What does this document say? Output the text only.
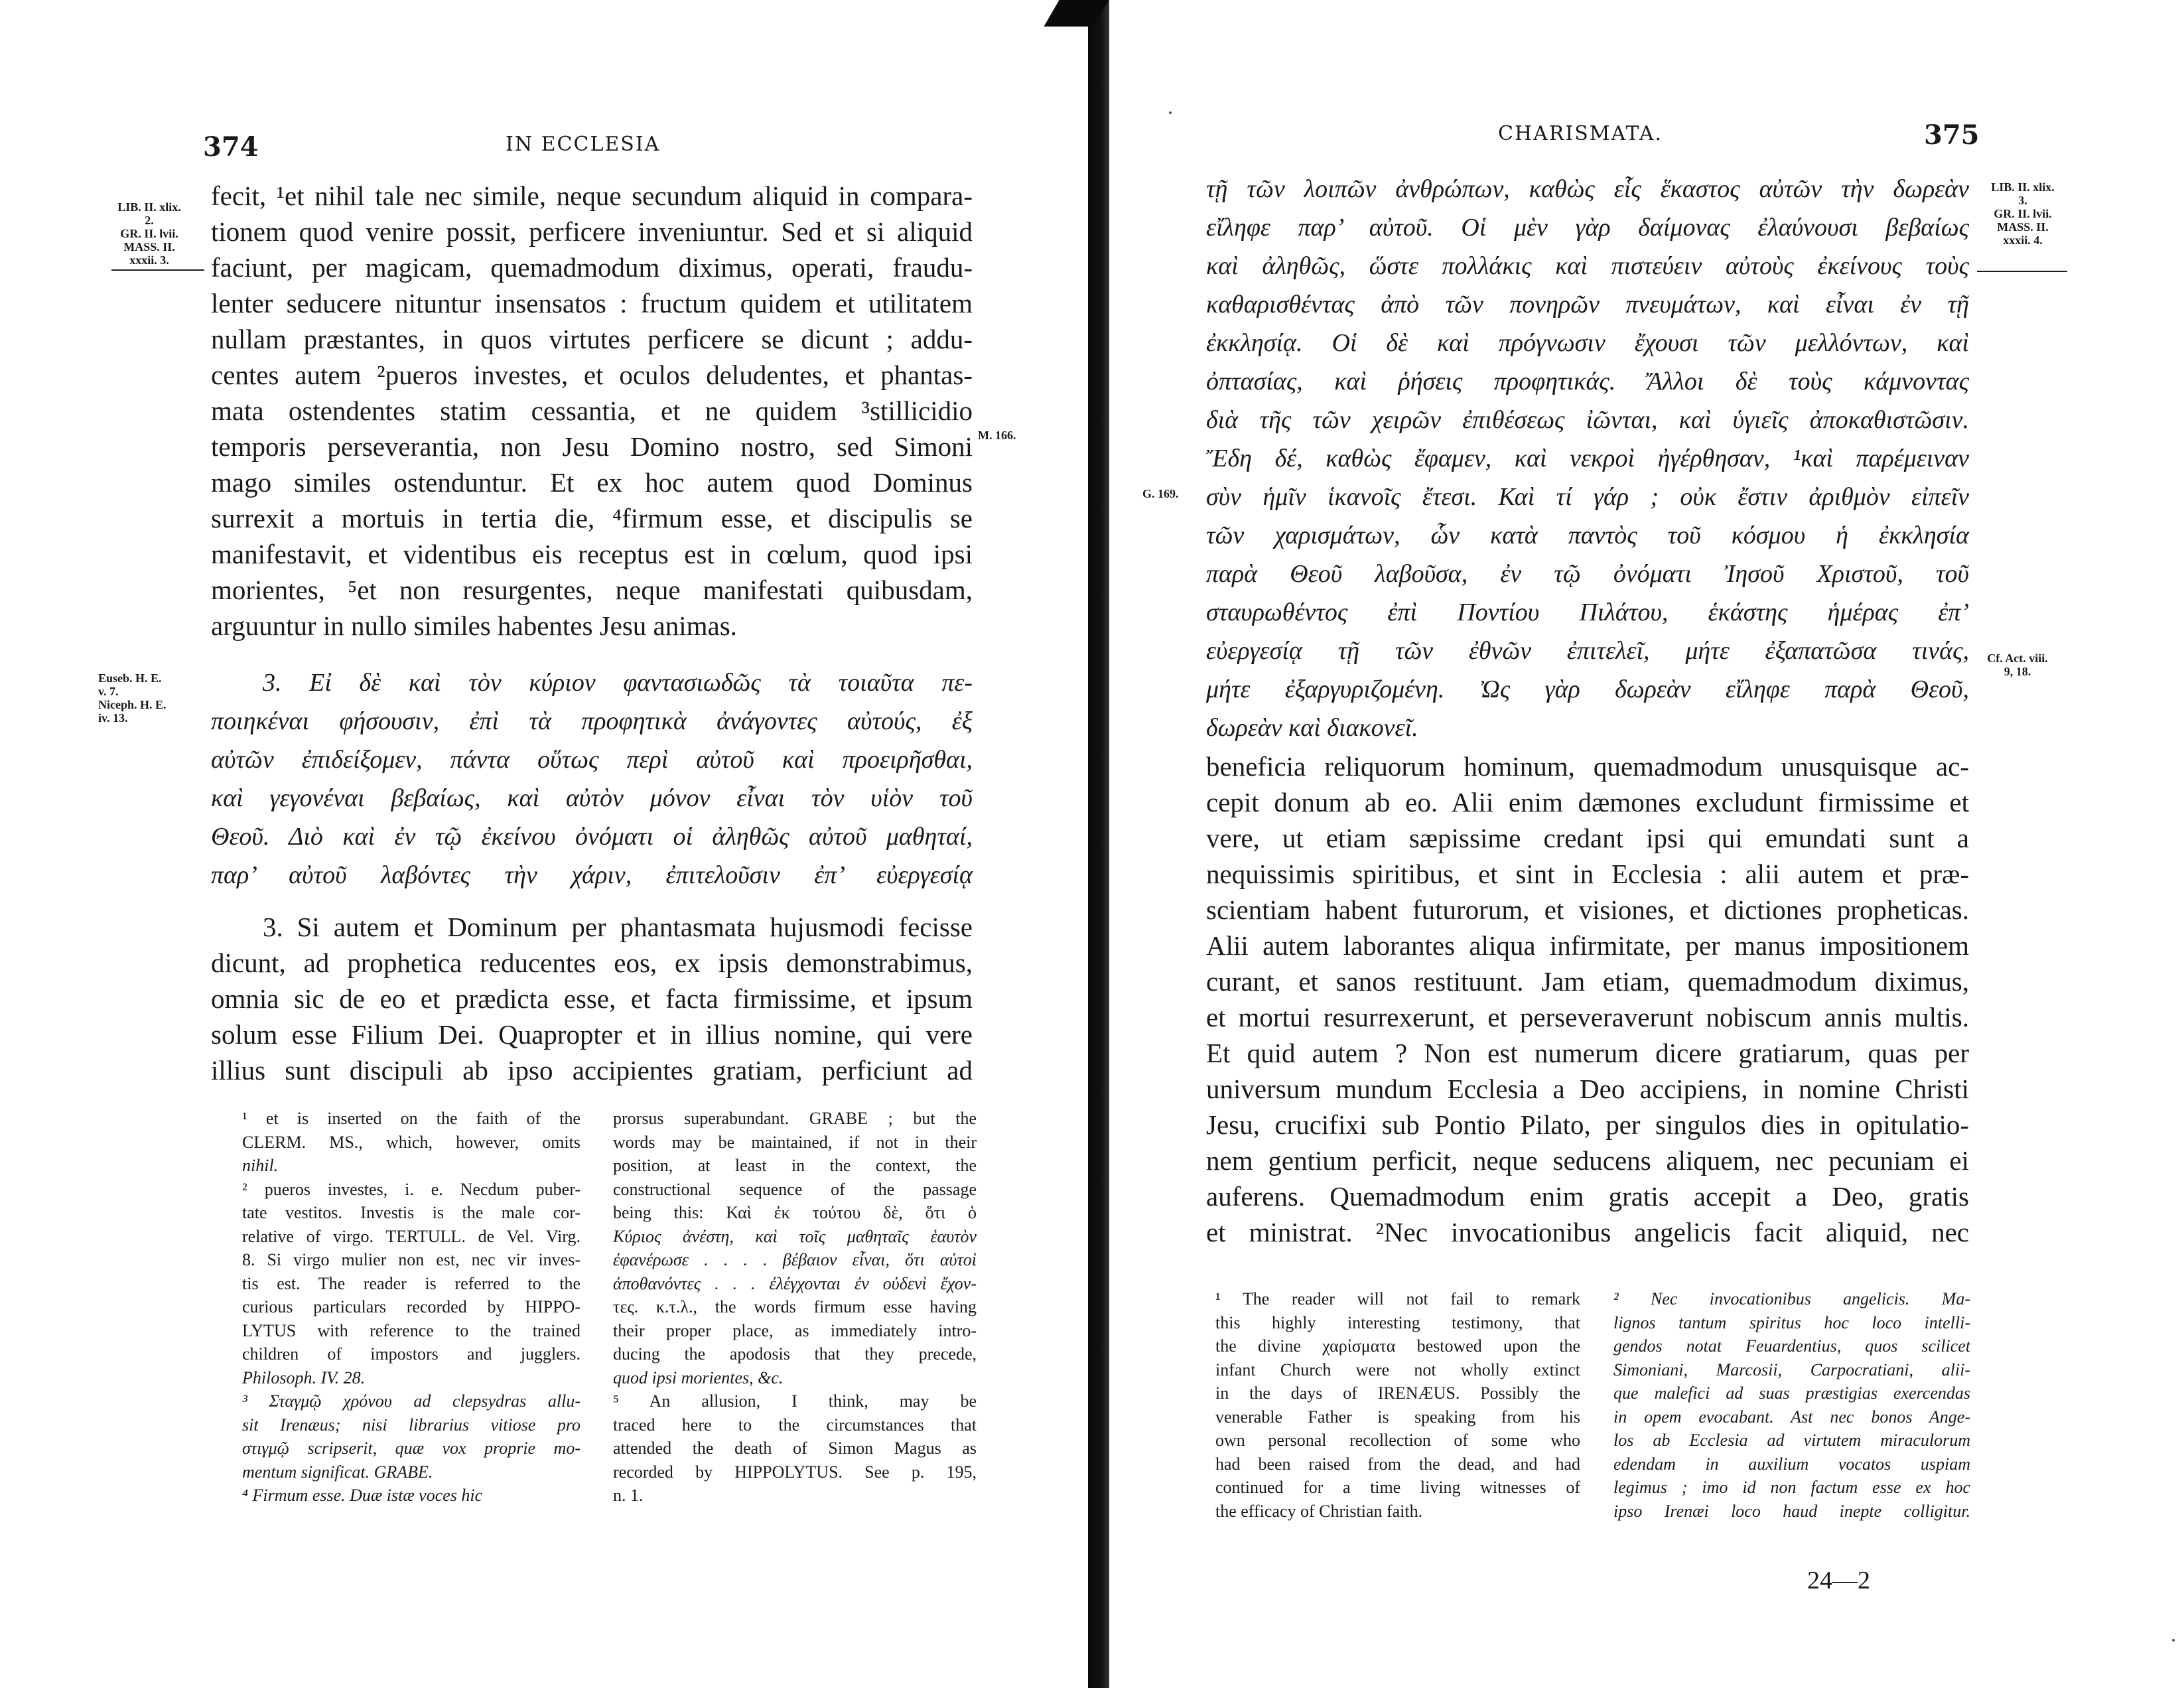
374	IN ECCLESIA
LIB. II. xlix.
2.
GR. II. lvii.
MASS. II.
xxxii. 3.
fecit, ¹et nihil tale nec simile, neque secundum aliquid in compara-
tionem quod venire possit, perficere inveniuntur. Sed et si aliquid
faciunt, per magicam, quemadmodum diximus, operati, fraudu-
lenter seducere nituntur insensatos : fructum quidem et utilitatem
nullam præstantes, in quos virtutes perficere se dicunt ; addu-
centes autem ²pueros investes, et oculos deludentes, et phantas-
mata ostendentes statim cessantia, et ne quidem ³stillicidio
temporis perseverantia, non Jesu Domino nostro, sed Simoni
mago similes ostenduntur. Et ex hoc autem quod Dominus
surrexit a mortuis in tertia die, ⁴firmum esse, et discipulis se
manifestavit, et videntibus eis receptus est in cœlum, quod ipsi
morientes, ⁵et non resurgentes, neque manifestati quibusdam,
arguuntur in nullo similes habentes Jesu animas.
M. 166.
Euseb. H. E.
v. 7.
Niceph. H. E.
iv. 13.
3. Εἰ δὲ καὶ τὸν κύριον φαντασιωδῶς τὰ τοιαῦτα πε-
ποιηκέναι φήσουσιν, ἐπὶ τὰ προφητικὰ ἀνάγοντες αὐτούς, ἐξ
αὐτῶν ἐπιδείξομεν, πάντα οὕτως περὶ αὐτοῦ καὶ προειρῆσθαι,
καὶ γεγονέναι βεβαίως, καὶ αὐτὸν μόνον εἶναι τὸν υἱὸν τοῦ
Θεοῦ. Διὸ καὶ ἐν τῷ ἐκείνου ὀνόματι οἱ ἀληθῶς αὐτοῦ μαθηταί,
παρ’ αὐτοῦ λαβόντες τὴν χάριν, ἐπιτελοῦσιν ἐπ’ εὐεργεσίᾳ
3. Si autem et Dominum per phantasmata hujusmodi fecisse
dicunt, ad prophetica reducentes eos, ex ipsis demonstrabimus,
omnia sic de eo et prædicta esse, et facta firmissime, et ipsum
solum esse Filium Dei. Quapropter et in illius nomine, qui vere
illius sunt discipuli ab ipso accipientes gratiam, perficiunt ad
¹ et is inserted on the faith of the
CLERM. MS., which, however, omits
nihil.
² pueros investes, i. e. Necdum puber-
tate vestitos. Investis is the male cor-
relative of virgo. TERTULL. de Vel. Virg.
8. Si virgo mulier non est, nec vir inves-
tis est. The reader is referred to the
curious particulars recorded by HIPPO-
LYTUS with reference to the trained
children of impostors and jugglers.
Philosoph. IV. 28.
³ Σταγμῷ χρόνου ad clepsydras allu-
sit Irenæus; nisi librarius vitiose pro
στιγμῷ scripserit, quæ vox proprie mo-
mentum significat. GRABE.
⁴ Firmum esse. Duæ istæ voces hic
prorsus superabundant. GRABE ; but the
words may be maintained, if not in their
position, at least in the context, the
constructional sequence of the passage
being this: Καὶ ἐκ τούτου δὲ, ὅτι ὁ
Κύριος ἀνέστη, καὶ τοῖς μαθηταῖς ἑαυτὸν
ἐφανέρωσε . . . . βέβαιον εἶναι, ὅτι αὐτοὶ
ἀποθανόντες . . . ἐλέγχονται ἐν οὐδενὶ ἔχον-
τες. κ.τ.λ., the words firmum esse having
their proper place, as immediately intro-
ducing the apodosis that they precede,
quod ipsi morientes, &c.
⁵ An allusion, I think, may be
traced here to the circumstances that
attended the death of Simon Magus as
recorded by HIPPOLYTUS. See p. 195,
n. 1.
CHARISMATA.	375
LIB. II. xlix.
3.
GR. II. lvii.
MASS. II.
xxxii. 4.
G. 169.
Cf. Act. viii.
9, 18.
τῇ τῶν λοιπῶν ἀνθρώπων, καθὼς εἷς ἕκαστος αὐτῶν τὴν δωρεὰν
εἴληφε παρ’ αὐτοῦ. Οἱ μὲν γὰρ δαίμονας ἐλαύνουσι βεβαίως
καὶ ἀληθῶς, ὥστε πολλάκις καὶ πιστεύειν αὐτοὺς ἐκείνους τοὺς
καθαρισθέντας ἀπὸ τῶν πονηρῶν πνευμάτων, καὶ εἶναι ἐν τῇ
ἐκκλησίᾳ. Οἱ δὲ καὶ πρόγνωσιν ἔχουσι τῶν μελλόντων, καὶ
ὀπτασίας, καὶ ῥήσεις προφητικάς. Ἄλλοι δὲ τοὺς κάμνοντας
διὰ τῆς τῶν χειρῶν ἐπιθέσεως ἰῶνται, καὶ ὑγιεῖς ἀποκαθιστῶσιν.
Ἔδη δέ, καθὼς ἔφαμεν, καὶ νεκροὶ ἠγέρθησαν, ¹καὶ παρέμειναν
σὺν ἡμῖν ἱκανοῖς ἔτεσι. Καὶ τί γάρ ; οὐκ ἔστιν ἀριθμὸν εἰπεῖν
τῶν χαρισμάτων, ὧν κατὰ παντὸς τοῦ κόσμου ἡ ἐκκλησία
παρὰ Θεοῦ λαβοῦσα, ἐν τῷ ὀνόματι Ἰησοῦ Χριστοῦ, τοῦ
σταυρωθέντος ἐπὶ Ποντίου Πιλάτου, ἑκάστης ἡμέρας ἐπ’
εὐεργεσίᾳ τῇ τῶν ἐθνῶν ἐπιτελεῖ, μήτε ἐξαπατῶσα τινάς,
μήτε ἐξαργυριζομένη. Ὠς γὰρ δωρεὰν εἴληφε παρὰ Θεοῦ,
δωρεὰν καὶ διακονεῖ.
beneficia reliquorum hominum, quemadmodum unusquisque ac-
cepit donum ab eo. Alii enim dæmones excludunt firmissime et
vere, ut etiam sæpissime credant ipsi qui emundati sunt a
nequissimis spiritibus, et sint in Ecclesia : alii autem et præ-
scientiam habent futurorum, et visiones, et dictiones propheticas.
Alii autem laborantes aliqua infirmitate, per manus impositionem
curant, et sanos restituunt. Jam etiam, quemadmodum diximus,
et mortui resurrexerunt, et perseveraverunt nobiscum annis multis.
Et quid autem ? Non est numerum dicere gratiarum, quas per
universum mundum Ecclesia a Deo accipiens, in nomine Christi
Jesu, crucifixi sub Pontio Pilato, per singulos dies in opitulatio-
nem gentium perficit, neque seducens aliquem, nec pecuniam ei
auferens. Quemadmodum enim gratis accepit a Deo, gratis
et ministrat. ²Nec invocationibus angelicis facit aliquid, nec
¹ The reader will not fail to remark
this highly interesting testimony, that
the divine χαρίσματα bestowed upon the
infant Church were not wholly extinct
in the days of IRENÆUS. Possibly the
venerable Father is speaking from his
own personal recollection of some who
had been raised from the dead, and had
continued for a time living witnesses of
the efficacy of Christian faith.
² Nec invocationibus angelicis. Ma-
lignos tantum spiritus hoc loco intelli-
gendos notat Feuardentius, quos scilicet
Simoniani, Marcosii, Carpocratiani, alii-
que malefici ad suas præstigias exercendas
in opem evocabant. Ast nec bonos Ange-
los ab Ecclesia ad virtutem miraculorum
edendam in auxilium vocatos uspiam
legimus ; imo id non factum esse ex hoc
ipso Irenæi loco haud inepte colligitur.
24—2
